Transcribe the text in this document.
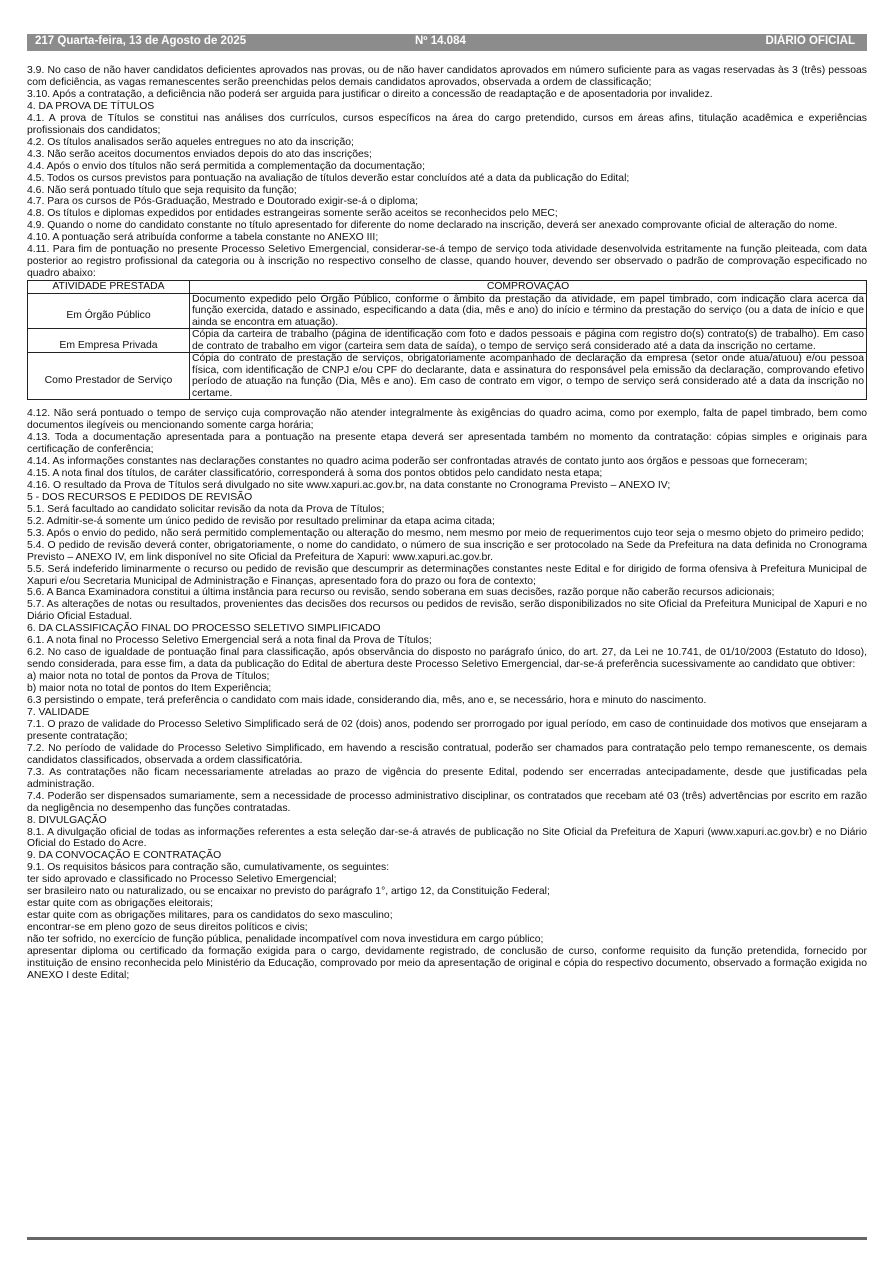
217 Quarta-feira, 13 de Agosto de 2025	Nº 14.084	DIÁRIO OFICIAL

3.9. No caso de não haver candidatos deficientes aprovados nas provas, ou de não haver candidatos aprovados em número suficiente para as vagas reservadas às 3 (três) pessoas com deficiência, as vagas remanescentes serão preenchidas pelos demais candidatos aprovados, observada a ordem de classificação;

3.10. Após a contratação, a deficiência não poderá ser arguida para justificar o direito a concessão de readaptação e de aposentadoria por invalidez.

4. DA PROVA DE TÍTULOS

4.1. A prova de Títulos se constitui nas análises dos currículos, cursos específicos na área do cargo pretendido, cursos em áreas afins, titulação acadêmica e experiências profissionais dos candidatos;

4.2. Os títulos analisados serão aqueles entregues no ato da inscrição;

4.3. Não serão aceitos documentos enviados depois do ato das inscrições;

4.4. Após o envio dos títulos não será permitida a complementação da documentação;

4.5. Todos os cursos previstos para pontuação na avaliação de títulos deverão estar concluídos até a data da publicação do Edital;

4.6. Não será pontuado título que seja requisito da função;

4.7. Para os cursos de Pós-Graduação, Mestrado e Doutorado exigir-se-á o diploma;

4.8. Os títulos e diplomas expedidos por entidades estrangeiras somente serão aceitos se reconhecidos pelo MEC;

4.9. Quando o nome do candidato constante no título apresentado for diferente do nome declarado na inscrição, deverá ser anexado comprovante oficial de alteração do nome.

4.10. A pontuação será atribuída conforme a tabela constante no ANEXO III;

4.11. Para fim de pontuação no presente Processo Seletivo Emergencial, considerar-se-á tempo de serviço toda atividade desenvolvida estritamente na função pleiteada, com data posterior ao registro profissional da categoria ou à inscrição no respectivo conselho de classe, quando houver, devendo ser observado o padrão de comprovação especificado no quadro abaixo:

ATIVIDADE PRESTADA	COMPROVAÇÃO
Em Órgão Público	Documento expedido pelo Órgão Público, conforme o âmbito da prestação da atividade, em papel timbrado, com indicação clara acerca da função exercida, datado e assinado, especificando a data (dia, mês e ano) do início e término da prestação do serviço (ou a data de início e que ainda se encontra em atuação).
Em Empresa Privada	Cópia da carteira de trabalho (página de identificação com foto e dados pessoais e página com registro do(s) contrato(s) de trabalho). Em caso de contrato de trabalho em vigor (carteira sem data de saída), o tempo de serviço será considerado até a data da inscrição no certame.
Como Prestador de Serviço	Cópia do contrato de prestação de serviços, obrigatoriamente acompanhado de declaração da empresa (setor onde atua/atuou) e/ou pessoa física, com identificação de CNPJ e/ou CPF do declarante, data e assinatura do responsável pela emissão da declaração, comprovando efetivo período de atuação na função (Dia, Mês e ano). Em caso de contrato em vigor, o tempo de serviço será considerado até a data da inscrição no certame.

4.12. Não será pontuado o tempo de serviço cuja comprovação não atender integralmente às exigências do quadro acima, como por exemplo, falta de papel timbrado, bem como documentos ilegíveis ou mencionando somente carga horária;

4.13. Toda a documentação apresentada para a pontuação na presente etapa deverá ser apresentada também no momento da contratação: cópias simples e originais para certificação de conferência;

4.14. As informações constantes nas declarações constantes no quadro acima poderão ser confrontadas através de contato junto aos órgãos e pessoas que forneceram;

4.15. A nota final dos títulos, de caráter classificatório, corresponderá à soma dos pontos obtidos pelo candidato nesta etapa;

4.16. O resultado da Prova de Títulos será divulgado no site www.xapuri.ac.gov.br, na data constante no Cronograma Previsto – ANEXO IV;

5 - DOS RECURSOS E PEDIDOS DE REVISÃO

5.1. Será facultado ao candidato solicitar revisão da nota da Prova de Títulos;

5.2. Admitir-se-á somente um único pedido de revisão por resultado preliminar da etapa acima citada;

5.3. Após o envio do pedido, não será permitido complementação ou alteração do mesmo, nem mesmo por meio de requerimentos cujo teor seja o mesmo objeto do primeiro pedido;

5.4. O pedido de revisão deverá conter, obrigatoriamente, o nome do candidato, o número de sua inscrição e ser protocolado na Sede da Prefeitura na data definida no Cronograma Previsto – ANEXO IV, em link disponível no site Oficial da Prefeitura de Xapuri: www.xapuri.ac.gov.br.

5.5. Será indeferido liminarmente o recurso ou pedido de revisão que descumprir as determinações constantes neste Edital e for dirigido de forma ofensiva à Prefeitura Municipal de Xapuri e/ou Secretaria Municipal de Administração e Finanças, apresentado fora do prazo ou fora de contexto;

5.6. A Banca Examinadora constitui a última instância para recurso ou revisão, sendo soberana em suas decisões, razão porque não caberão recursos adicionais;

5.7. As alterações de notas ou resultados, provenientes das decisões dos recursos ou pedidos de revisão, serão disponibilizados no site Oficial da Prefeitura Municipal de Xapuri e no Diário Oficial Estadual.

6. DA CLASSIFICAÇÃO FINAL DO PROCESSO SELETIVO SIMPLIFICADO

6.1. A nota final no Processo Seletivo Emergencial será a nota final da Prova de Títulos;

6.2. No caso de igualdade de pontuação final para classificação, após observância do disposto no parágrafo único, do art. 27, da Lei ne 10.741, de 01/10/2003 (Estatuto do Idoso), sendo considerada, para esse fim, a data da publicação do Edital de abertura deste Processo Seletivo Emergencial, dar-se-á preferência sucessivamente ao candidato que obtiver:

a) maior nota no total de pontos da Prova de Títulos;

b) maior nota no total de pontos do Item Experiência;

6.3 persistindo o empate, terá preferência o candidato com mais idade, considerando dia, mês, ano e, se necessário, hora e minuto do nascimento.

7. VALIDADE

7.1. O prazo de validade do Processo Seletivo Simplificado será de 02 (dois) anos, podendo ser prorrogado por igual período, em caso de continuidade dos motivos que ensejaram a presente contratação;

7.2. No período de validade do Processo Seletivo Simplificado, em havendo a rescisão contratual, poderão ser chamados para contratação pelo tempo remanescente, os demais candidatos classificados, observada a ordem classificatória.

7.3. As contratações não ficam necessariamente atreladas ao prazo de vigência do presente Edital, podendo ser encerradas antecipadamente, desde que justificadas pela administração.

7.4. Poderão ser dispensados sumariamente, sem a necessidade de processo administrativo disciplinar, os contratados que recebam até 03 (três) advertências por escrito em razão da negligência no desempenho das funções contratadas.

8. DIVULGAÇÃO

8.1. A divulgação oficial de todas as informações referentes a esta seleção dar-se-á através de publicação no Site Oficial da Prefeitura de Xapuri (www.xapuri.ac.gov.br) e no Diário Oficial do Estado do Acre.

9. DA CONVOCAÇÃO E CONTRATAÇÃO

9.1. Os requisitos básicos para contração são, cumulativamente, os seguintes:

ter sido aprovado e classificado no Processo Seletivo Emergencial;

ser brasileiro nato ou naturalizado, ou se encaixar no previsto do parágrafo 1°, artigo 12, da Constituição Federal;

estar quite com as obrigações eleitorais;

estar quite com as obrigações militares, para os candidatos do sexo masculino;

encontrar-se em pleno gozo de seus direitos políticos e civis;

não ter sofrido, no exercício de função pública, penalidade incompatível com nova investidura em cargo público;

apresentar diploma ou certificado da formação exigida para o cargo, devidamente registrado, de conclusão de curso, conforme requisito da função pretendida, fornecido por instituição de ensino reconhecida pelo Ministério da Educação, comprovado por meio da apresentação de original e cópia do respectivo documento, observado a formação exigida no ANEXO I deste Edital;
